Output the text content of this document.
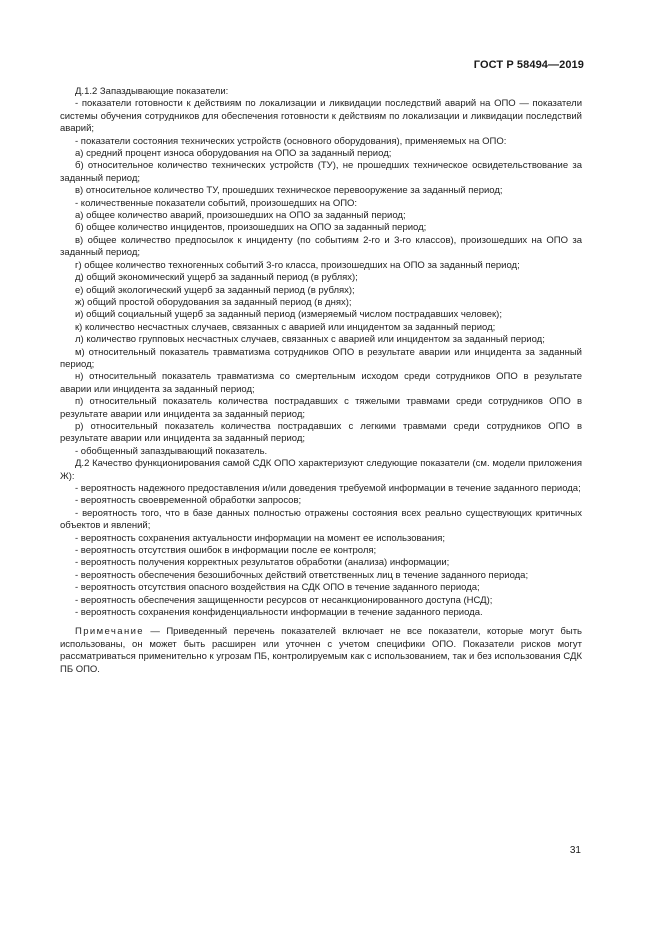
ГОСТ Р 58494—2019

Д.1.2 Запаздывающие показатели:

- показатели готовности к действиям по локализации и ликвидации последствий аварий на ОПО — показатели системы обучения сотрудников для обеспечения готовности к действиям по локализации и ликвидации последствий аварий;

- показатели состояния технических устройств (основного оборудования), применяемых на ОПО:

а) средний процент износа оборудования на ОПО за заданный период;

б) относительное количество технических устройств (ТУ), не прошедших техническое освидетельствование за заданный период;

в) относительное количество ТУ, прошедших техническое перевооружение за заданный период;

- количественные показатели событий, произошедших на ОПО:

а) общее количество аварий, произошедших на ОПО за заданный период;

б) общее количество инцидентов, произошедших на ОПО за заданный период;

в) общее количество предпосылок к инциденту (по событиям 2-го и 3-го классов), произошедших на ОПО за заданный период;

г) общее количество техногенных событий 3-го класса, произошедших на ОПО за заданный период;

д) общий экономический ущерб за заданный период (в рублях);

е) общий экологический ущерб за заданный период (в рублях);

ж) общий простой оборудования за заданный период (в днях);

и) общий социальный ущерб за заданный период (измеряемый числом пострадавших человек);

к) количество несчастных случаев, связанных с аварией или инцидентом за заданный период;

л) количество групповых несчастных случаев, связанных с аварией или инцидентом за заданный период;

м) относительный показатель травматизма сотрудников ОПО в результате аварии или инцидента за заданный период;

н) относительный показатель травматизма со смертельным исходом среди сотрудников ОПО в результате аварии или инцидента за заданный период;

п) относительный показатель количества пострадавших с тяжелыми травмами среди сотрудников ОПО в результате аварии или инцидента за заданный период;

р) относительный показатель количества пострадавших с легкими травмами среди сотрудников ОПО в результате аварии или инцидента за заданный период;

- обобщенный запаздывающий показатель.

Д.2 Качество функционирования самой СДК ОПО характеризуют следующие показатели (см. модели приложения Ж):

- вероятность надежного предоставления и/или доведения требуемой информации в течение заданного периода;

- вероятность своевременной обработки запросов;

- вероятность того, что в базе данных полностью отражены состояния всех реально существующих критичных объектов и явлений;

- вероятность сохранения актуальности информации на момент ее использования;

- вероятность отсутствия ошибок в информации после ее контроля;

- вероятность получения корректных результатов обработки (анализа) информации;

- вероятность обеспечения безошибочных действий ответственных лиц в течение заданного периода;

- вероятность отсутствия опасного воздействия на СДК ОПО в течение заданного периода;

- вероятность обеспечения защищенности ресурсов от несанкционированного доступа (НСД);

- вероятность сохранения конфиденциальности информации в течение заданного периода.

Примечание — Приведенный перечень показателей включает не все показатели, которые могут быть использованы, он может быть расширен или уточнен с учетом специфики ОПО. Показатели рисков могут рассматриваться применительно к угрозам ПБ, контролируемым как с использованием, так и без использования СДК ПБ ОПО.

31
